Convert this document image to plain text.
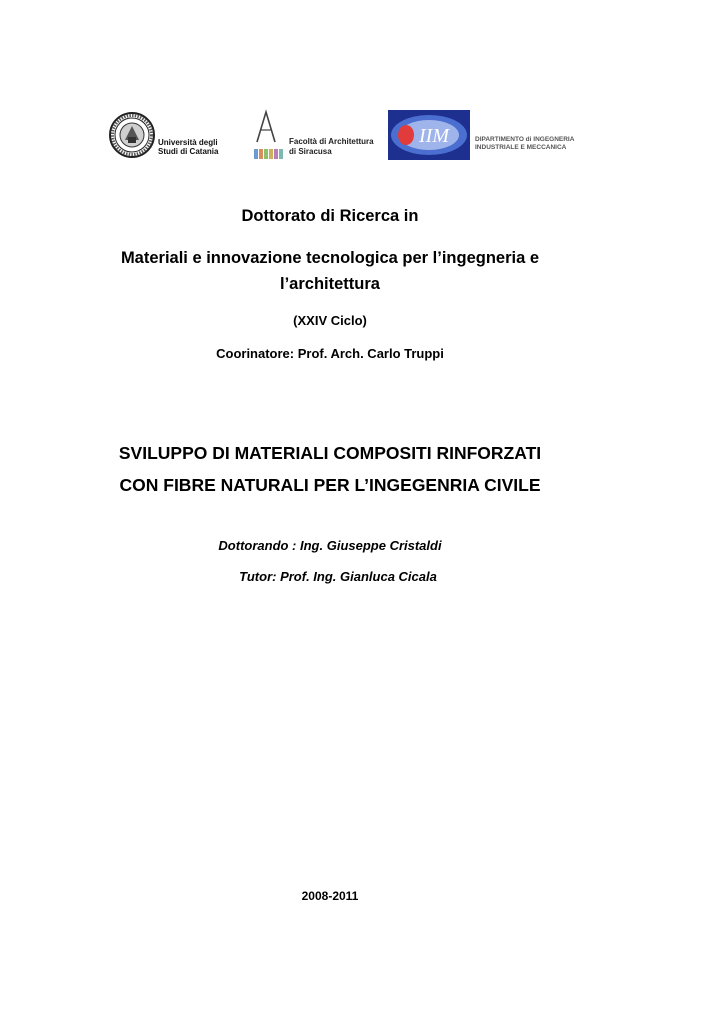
Università degli
Studi di Catania
Facoltà di Architettura
di Siracusa
IIM	DIPARTIMENTO di INGEGNERIA
INDUSTRIALE E MECCANICA
Dottorato di Ricerca in
Materiali e innovazione tecnologica per l’ingegneria e
l’architettura
(XXIV Ciclo)
Coorinatore: Prof. Arch. Carlo Truppi
SVILUPPO DI MATERIALI COMPOSITI RINFORZATI
CON FIBRE NATURALI PER L’INGEGENRIA CIVILE
Dottorando : Ing. Giuseppe Cristaldi
Tutor: Prof. Ing. Gianluca Cicala
2008-2011
